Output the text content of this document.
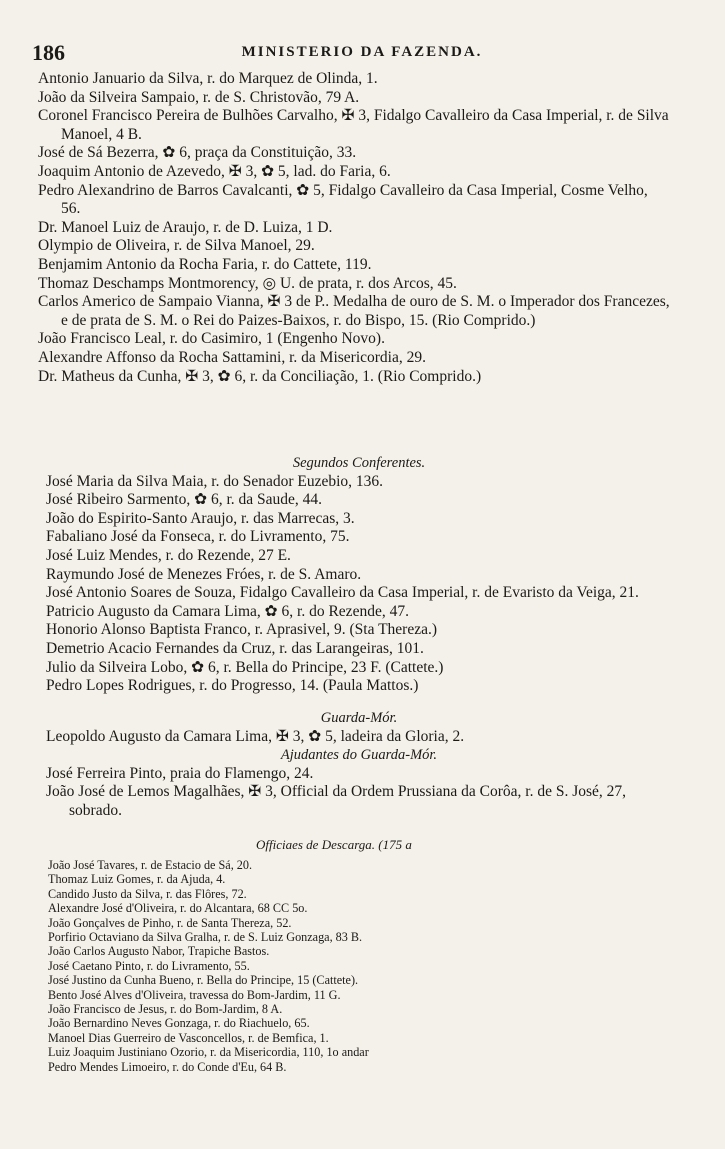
186	MINISTERIO DA FAZENDA.
Antonio Januario da Silva, r. do Marquez de Olinda, 1.
João da Silveira Sampaio, r. de S. Christovão, 79 A.
Coronel Francisco Pereira de Bulhões Carvalho, ✠ 3, Fidalgo Cavalleiro da Casa Imperial, r. de Silva Manoel, 4 B.
José de Sá Bezerra, ✿ 6, praça da Constituição, 33.
Joaquim Antonio de Azevedo, ✠ 3, ✿ 5, lad. do Faria, 6.
Pedro Alexandrino de Barros Cavalcanti, ✿ 5, Fidalgo Cavalleiro da Casa Imperial, Cosme Velho, 56.
Dr. Manoel Luiz de Araujo, r. de D. Luiza, 1 D.
Olympio de Oliveira, r. de Silva Manoel, 29.
Benjamim Antonio da Rocha Faria, r. do Cattete, 119.
Thomaz Deschamps Montmorency, ◎ U. de prata, r. dos Arcos, 45.
Carlos Americo de Sampaio Vianna, ✠ 3 de P.. Medalha de ouro de S. M. o Imperador dos Francezes, e de prata de S. M. o Rei do Paizes-Baixos, r. do Bispo, 15. (Rio Comprido.)
João Francisco Leal, r. do Casimiro, 1 (Engenho Novo).
Alexandre Affonso da Rocha Sattamini, r. da Misericordia, 29.
Dr. Matheus da Cunha, ✠ 3, ✿ 6, r. da Conciliação, 1. (Rio Comprido.)
Segundos Conferentes.
José Maria da Silva Maia, r. do Senador Euzebio, 136.
José Ribeiro Sarmento, ✿ 6, r. da Saude, 44.
João do Espirito-Santo Araujo, r. das Marrecas, 3.
Fabaliano José da Fonseca, r. do Livramento, 75.
José Luiz Mendes, r. do Rezende, 27 E.
Raymundo José de Menezes Fróes, r. de S. Amaro.
José Antonio Soares de Souza, Fidalgo Cavalleiro da Casa Imperial, r. de Evaristo da Veiga, 21.
Patricio Augusto da Camara Lima, ✿ 6, r. do Rezende, 47.
Honorio Alonso Baptista Franco, r. Aprasivel, 9. (Sta Thereza.)
Demetrio Acacio Fernandes da Cruz, r. das Larangeiras, 101.
Julio da Silveira Lobo, ✿ 6, r. Bella do Principe, 23 F. (Cattete.)
Pedro Lopes Rodrigues, r. do Progresso, 14. (Paula Mattos.)
Guarda-Mór.
Leopoldo Augusto da Camara Lima, ✠ 3, ✿ 5, ladeira da Gloria, 2.
Ajudantes do Guarda-Mór.
José Ferreira Pinto, praia do Flamengo, 24.
João José de Lemos Magalhães, ✠ 3, Official da Ordem Prussiana da Corôa, r. de S. José, 27, sobrado.
Officiaes de Descarga. (175 a
João José Tavares, r. de Estacio de Sá, 20.
Thomaz Luiz Gomes, r. da Ajuda, 4.
Candido Justo da Silva, r. das Flôres, 72.
Alexandre José d'Oliveira, r. do Alcantara, 68 CC 5o.
João Gonçalves de Pinho, r. de Santa Thereza, 52.
Porfirio Octaviano da Silva Gralha, r. de S. Luiz Gonzaga, 83 B.
João Carlos Augusto Nabor, Trapiche Bastos.
José Caetano Pinto, r. do Livramento, 55.
José Justino da Cunha Bueno, r. Bella do Principe, 15 (Cattete).
Bento José Alves d'Oliveira, travessa do Bom-Jardim, 11 G.
João Francisco de Jesus, r. do Bom-Jardim, 8 A.
João Bernardino Neves Gonzaga, r. do Riachuelo, 65.
Manoel Dias Guerreiro de Vasconcellos, r. de Bemfica, 1.
Luiz Joaquim Justiniano Ozorio, r. da Misericordia, 110, 1o andar
Pedro Mendes Limoeiro, r. do Conde d'Eu, 64 B.
